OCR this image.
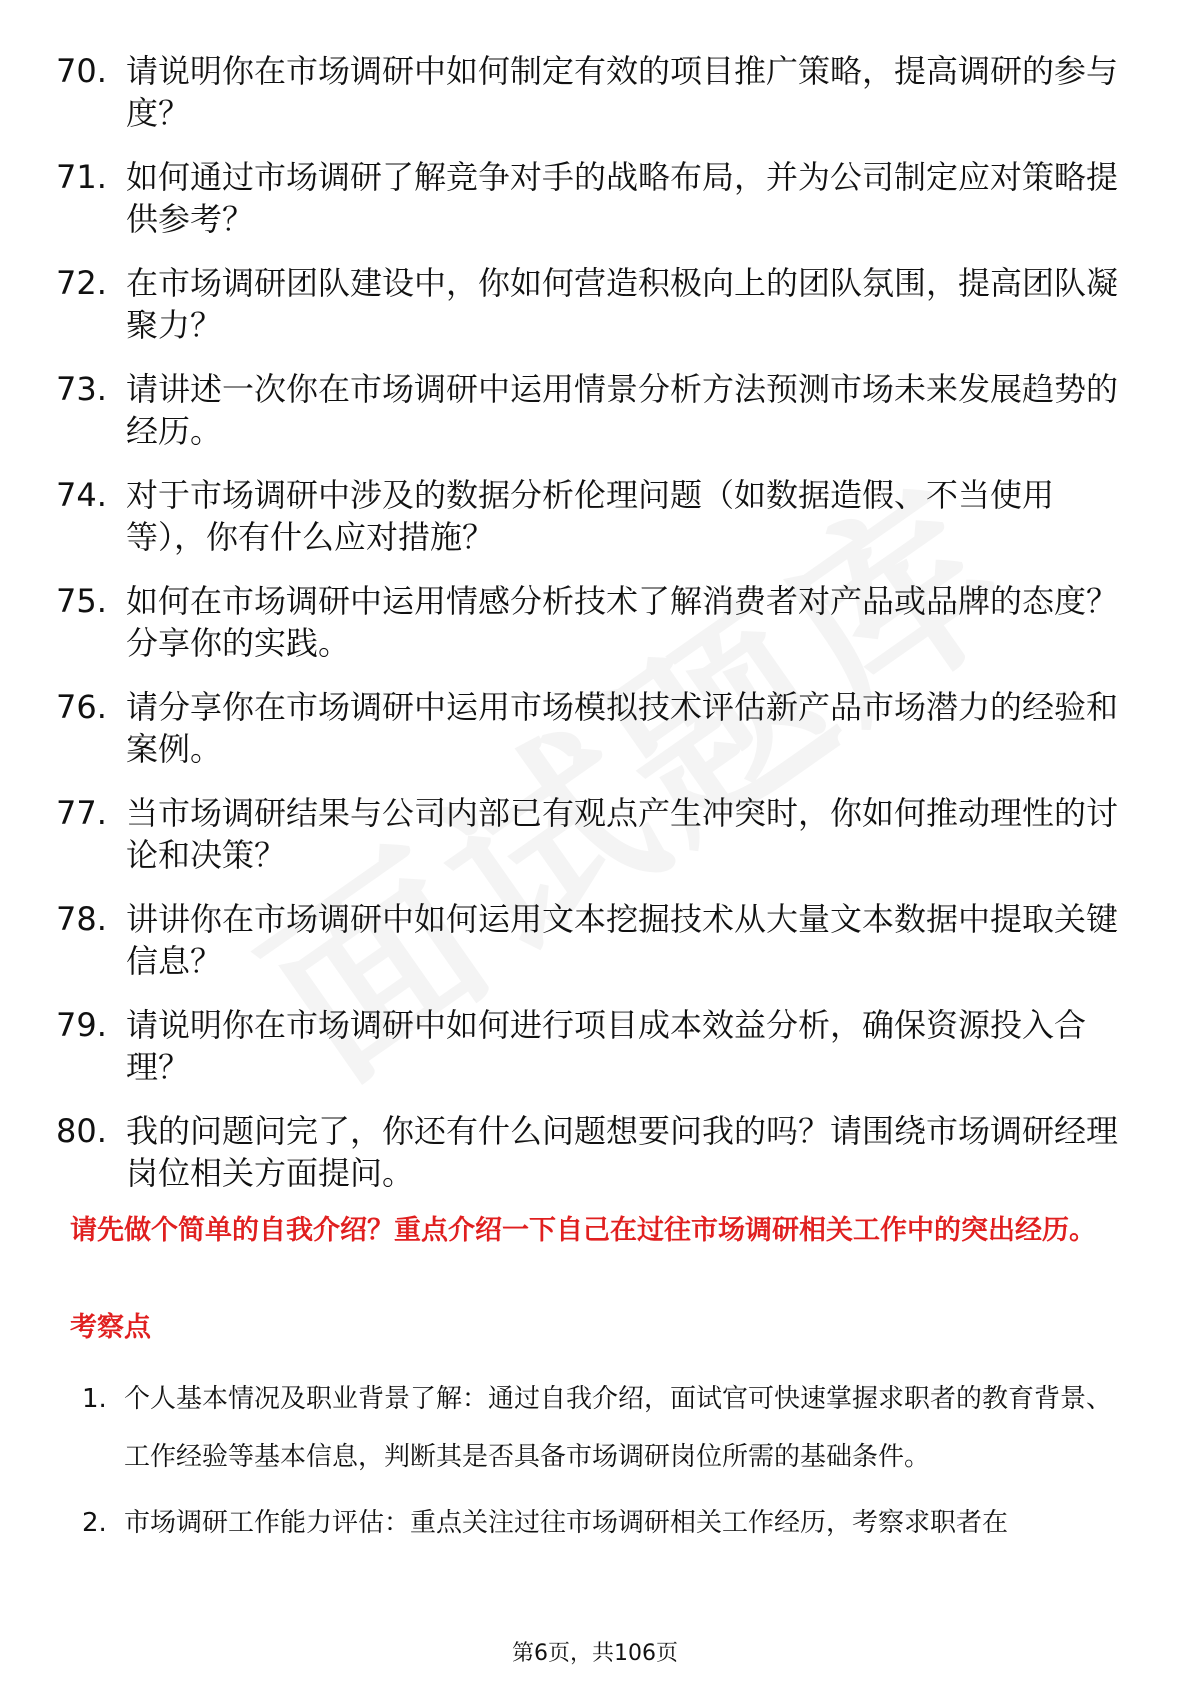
70. 请说明你在市场调研中如何制定有效的项目推广策略，提高调研的参与度？
71. 如何通过市场调研了解竞争对手的战略布局，并为公司制定应对策略提供参考？
72. 在市场调研团队建设中，你如何营造积极向上的团队氛围，提高团队凝聚力？
73. 请讲述一次你在市场调研中运用情景分析方法预测市场未来发展趋势的经历。
74. 对于市场调研中涉及的数据分析伦理问题（如数据造假、不当使用等），你有什么应对措施？
75. 如何在市场调研中运用情感分析技术了解消费者对产品或品牌的态度？分享你的实践。
76. 请分享你在市场调研中运用市场模拟技术评估新产品市场潜力的经验和案例。
77. 当市场调研结果与公司内部已有观点产生冲突时，你如何推动理性的讨论和决策？
78. 讲讲你在市场调研中如何运用文本挖掘技术从大量文本数据中提取关键信息？
79. 请说明你在市场调研中如何进行项目成本效益分析，确保资源投入合理？
80. 我的问题问完了，你还有什么问题想要问我的吗？请围绕市场调研经理岗位相关方面提问。

请先做个简单的自我介绍？重点介绍一下自己在过往市场调研相关工作中的突出经历。

考察点

1. 个人基本情况及职业背景了解：通过自我介绍，面试官可快速掌握求职者的教育背景、工作经验等基本信息，判断其是否具备市场调研岗位所需的基础条件。
2. 市场调研工作能力评估：重点关注过往市场调研相关工作经历，考察求职者在
第6页，共106页
